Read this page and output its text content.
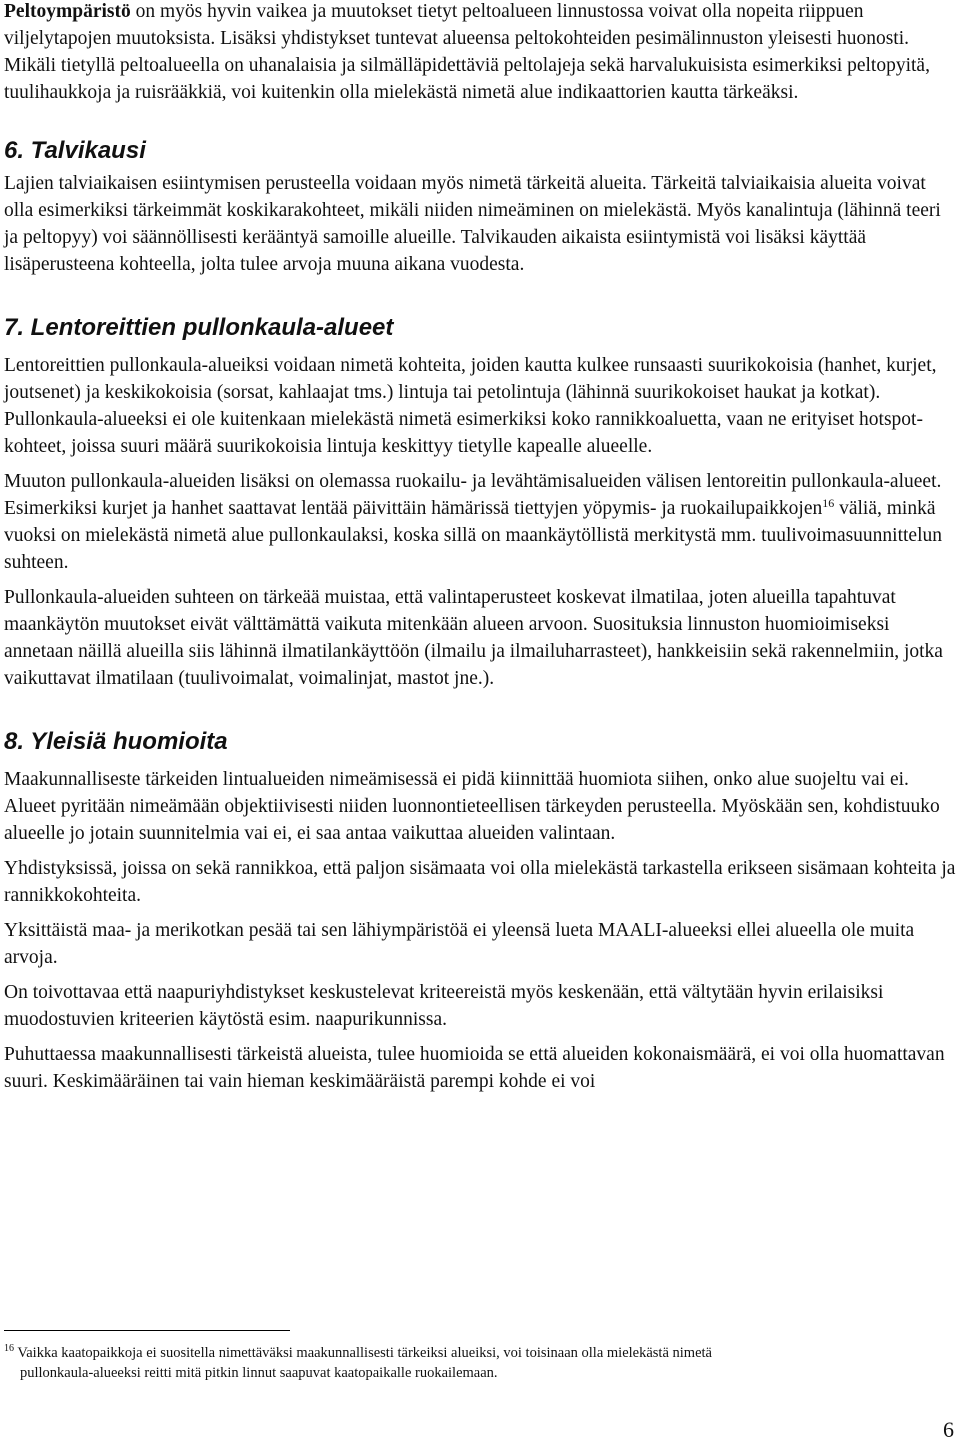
Peltoympäristö on myös hyvin vaikea ja muutokset tietyt peltoalueen linnustossa voivat olla nopeita riippuen viljelytapojen muutoksista. Lisäksi yhdistykset tuntevat alueensa peltokohteiden pesimälinnuston yleisesti huonosti. Mikäli tietyllä peltoalueella on uhanalaisia ja silmälläpidettäviä peltolajeja sekä harvalukuisista esimerkiksi peltopyitä, tuulihaukkoja ja ruisrääkkiä, voi kuitenkin olla mielekästä nimetä alue indikaattorien kautta tärkeäksi.

6. Talvikausi

Lajien talviaikaisen esiintymisen perusteella voidaan myös nimetä tärkeitä alueita. Tärkeitä talviaikaisia alueita voivat olla esimerkiksi tärkeimmät koskikarakohteet, mikäli niiden nimeäminen on mielekästä. Myös kanalintuja (lähinnä teeri ja peltopyy) voi säännöllisesti kerääntyä samoille alueille. Talvikauden aikaista esiintymistä voi lisäksi käyttää lisäperusteena kohteella, jolta tulee arvoja muuna aikana vuodesta.

7. Lentoreittien pullonkaula-alueet

Lentoreittien pullonkaula-alueiksi voidaan nimetä kohteita, joiden kautta kulkee runsaasti suurikokoisia (hanhet, kurjet, joutsenet) ja keskikokoisia (sorsat, kahlaajat tms.) lintuja tai petolintuja (lähinnä suurikokoiset haukat ja kotkat). Pullonkaula-alueeksi ei ole kuitenkaan mielekästä nimetä esimerkiksi koko rannikkoaluetta, vaan ne erityiset hotspot-kohteet, joissa suuri määrä suurikokoisia lintuja keskittyy tietylle kapealle alueelle.

Muuton pullonkaula-alueiden lisäksi on olemassa ruokailu- ja levähtämisalueiden välisen lentoreitin pullonkaula-alueet. Esimerkiksi kurjet ja hanhet saattavat lentää päivittäin hämärissä tiettyjen yöpymis- ja ruokailupaikkojen$^{16}$ väliä, minkä vuoksi on mielekästä nimetä alue pullonkaulaksi, koska sillä on maankäytöllistä merkitystä mm. tuulivoimasuunnittelun suhteen.

Pullonkaula-alueiden suhteen on tärkeää muistaa, että valintaperusteet koskevat ilmatilaa, joten alueilla tapahtuvat maankäytön muutokset eivät välttämättä vaikuta mitenkään alueen arvoon. Suosituksia linnuston huomioimiseksi annetaan näillä alueilla siis lähinnä ilmatilankäyttöön (ilmailu ja ilmailuharrasteet), hankkeisiin sekä rakennelmiin, jotka vaikuttavat ilmatilaan (tuulivoimalat, voimalinjat, mastot jne.).

8. Yleisiä huomioita

Maakunnalliseste tärkeiden lintualueiden nimeämisessä ei pidä kiinnittää huomiota siihen, onko alue suojeltu vai ei. Alueet pyritään nimeämään objektiivisesti niiden luonnontieteellisen tärkeyden perusteella. Myöskään sen, kohdistuuko alueelle jo jotain suunnitelmia vai ei, ei saa antaa vaikuttaa alueiden valintaan.

Yhdistyksissä, joissa on sekä rannikkoa, että paljon sisämaata voi olla mielekästä tarkastella erikseen sisämaan kohteita ja rannikkokohteita.

Yksittäistä maa- ja merikotkan pesää tai sen lähiympäristöä ei yleensä lueta MAALI-alueeksi ellei alueella ole muita arvoja.

On toivottavaa että naapuriyhdistykset keskustelevat kriteereistä myös keskenään, että vältytään hyvin erilaisiksi muodostuvien kriteerien käytöstä esim. naapurikunnissa.

Puhuttaessa maakunnallisesti tärkeistä alueista, tulee huomioida se että alueiden kokonaismäärä, ei voi olla huomattavan suuri. Keskimääräinen tai vain hieman keskimääräistä parempi kohde ei voi

$^{16}$ Vaikka kaatopaikkoja ei suositella nimettäväksi maakunnallisesti tärkeiksi alueiksi, voi toisinaan olla mielekästä nimetä
pullonkaula-alueeksi reitti mitä pitkin linnut saapuvat kaatopaikalle ruokailemaan.
6
